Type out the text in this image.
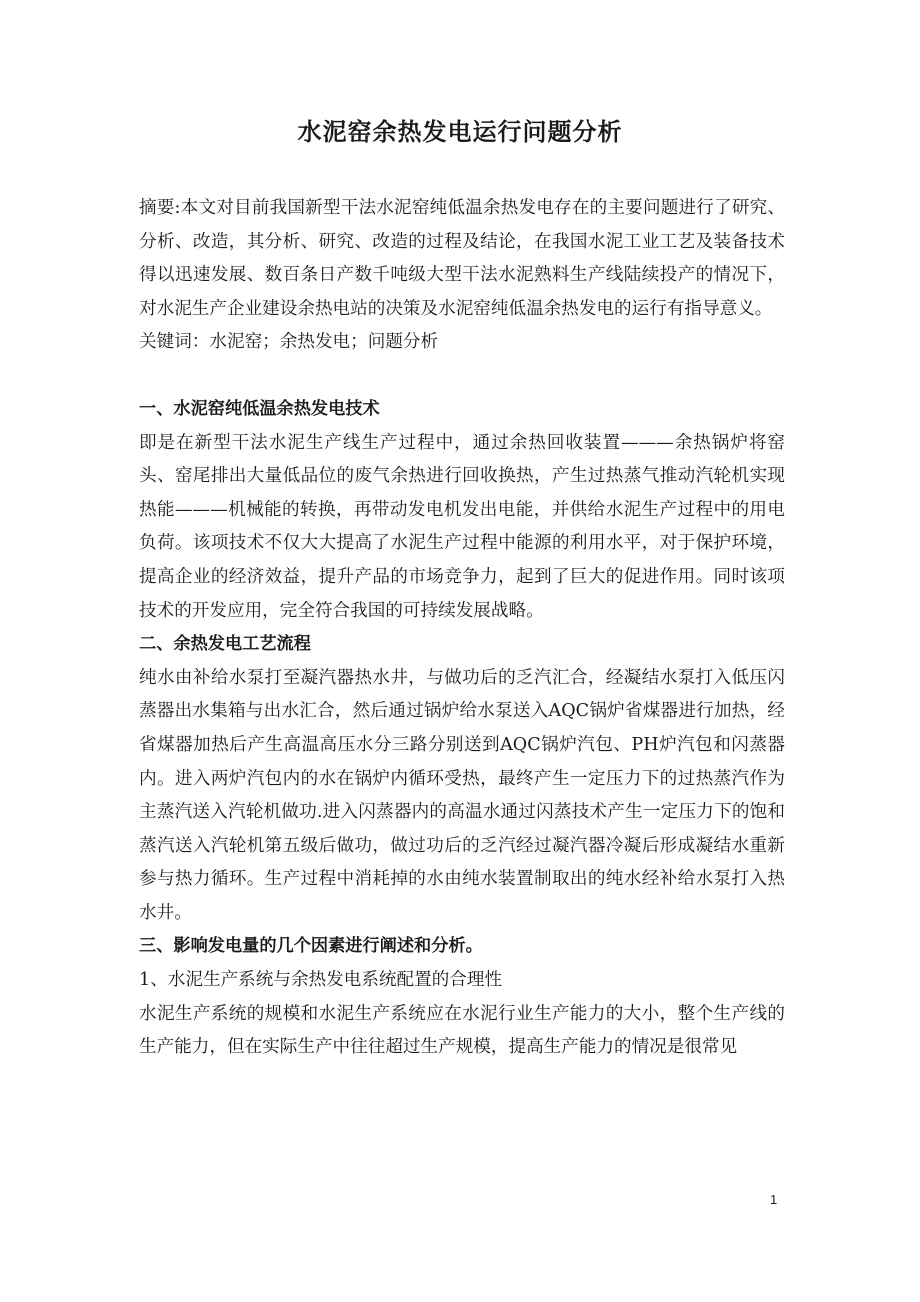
水泥窑余热发电运行问题分析

摘要:本文对目前我国新型干法水泥窑纯低温余热发电存在的主要问题进行了研究、分析、改造，其分析、研究、改造的过程及结论，在我国水泥工业工艺及装备技术得以迅速发展、数百条日产数千吨级大型干法水泥熟料生产线陆续投产的情况下，对水泥生产企业建设余热电站的决策及水泥窑纯低温余热发电的运行有指导意义。

关键词：水泥窑；余热发电；问题分析

一、水泥窑纯低温余热发电技术

即是在新型干法水泥生产线生产过程中，通过余热回收装置———余热锅炉将窑头、窑尾排出大量低品位的废气余热进行回收换热，产生过热蒸气推动汽轮机实现热能———机械能的转换，再带动发电机发出电能，并供给水泥生产过程中的用电负荷。该项技术不仅大大提高了水泥生产过程中能源的利用水平，对于保护环境，提高企业的经济效益，提升产品的市场竞争力，起到了巨大的促进作用。同时该项技术的开发应用，完全符合我国的可持续发展战略。

二、余热发电工艺流程

纯水由补给水泵打至凝汽器热水井，与做功后的乏汽汇合，经凝结水泵打入低压闪蒸器出水集箱与出水汇合，然后通过锅炉给水泵送入AQC锅炉省煤器进行加热，经省煤器加热后产生高温高压水分三路分别送到AQC锅炉汽包、PH炉汽包和闪蒸器内。进入两炉汽包内的水在锅炉内循环受热，最终产生一定压力下的过热蒸汽作为主蒸汽送入汽轮机做功.进入闪蒸器内的高温水通过闪蒸技术产生一定压力下的饱和蒸汽送入汽轮机第五级后做功，做过功后的乏汽经过凝汽器冷凝后形成凝结水重新参与热力循环。生产过程中消耗掉的水由纯水装置制取出的纯水经补给水泵打入热水井。

三、影响发电量的几个因素进行阐述和分析。

1、水泥生产系统与余热发电系统配置的合理性

水泥生产系统的规模和水泥生产系统应在水泥行业生产能力的大小，整个生产线的生产能力，但在实际生产中往往超过生产规模，提高生产能力的情况是很常见

1
